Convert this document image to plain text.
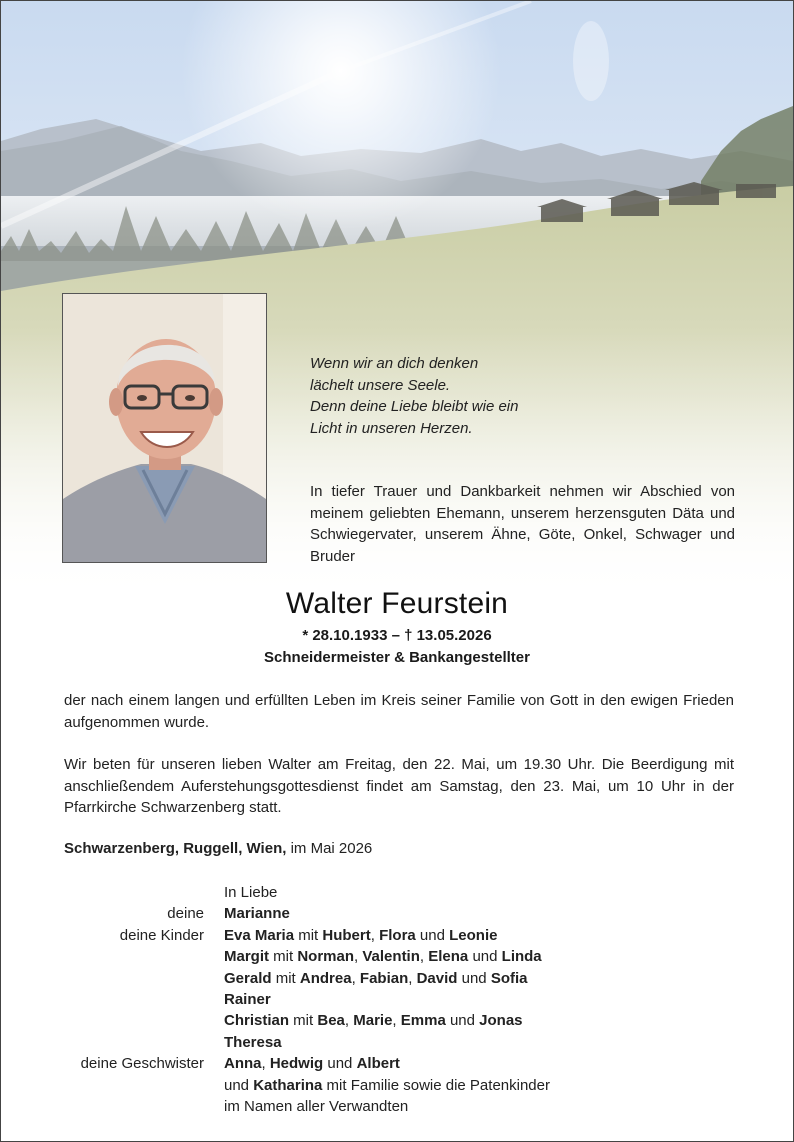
Wenn wir an dich denken
lächelt unsere Seele.
Denn deine Liebe bleibt wie ein
Licht in unseren Herzen.
In tiefer Trauer und Dankbarkeit nehmen wir Abschied von meinem geliebten Ehemann, unserem herzensguten Däta und Schwiegervater, unserem Ähne, Göte, Onkel, Schwager und Bruder
Walter Feurstein
* 28.10.1933 – † 13.05.2026
Schneidermeister & Bankangestellter
der nach einem langen und erfüllten Leben im Kreis seiner Familie von Gott in den ewigen Frieden aufgenommen wurde.
Wir beten für unseren lieben Walter am Freitag, den 22. Mai, um 19.30 Uhr. Die Beerdigung mit anschließendem Auferstehungsgottesdienst findet am Samstag, den 23. Mai, um 10 Uhr in der Pfarrkirche Schwarzenberg statt.
Schwarzenberg, Ruggell, Wien, im Mai 2026
In Liebe
deine	Marianne
deine Kinder	Eva Maria mit Hubert, Flora und Leonie
Margit mit Norman, Valentin, Elena und Linda
Gerald mit Andrea, Fabian, David und Sofia
Rainer
Christian mit Bea, Marie, Emma und Jonas
Theresa
deine Geschwister	Anna, Hedwig und Albert
und Katharina mit Familie sowie die Patenkinder
im Namen aller Verwandten
